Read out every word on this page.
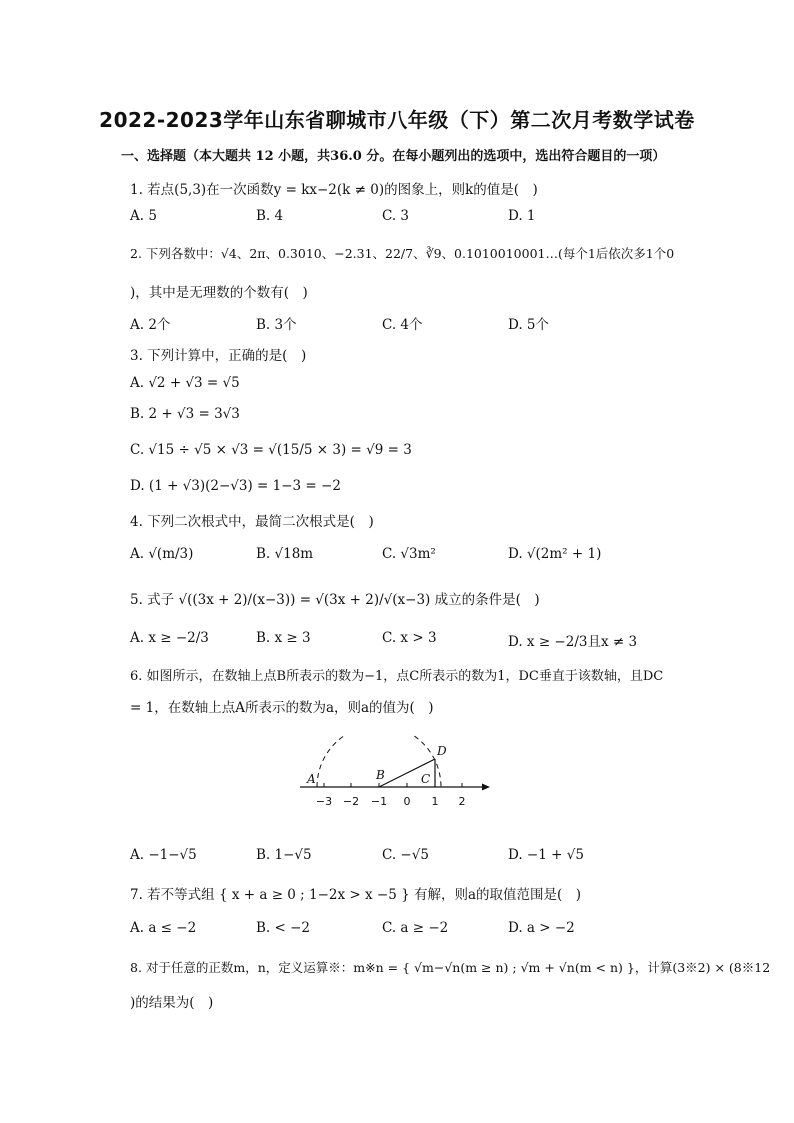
2022-2023学年山东省聊城市八年级（下）第二次月考数学试卷
一、选择题（本大题共 12 小题，共36.0 分。在每小题列出的选项中，选出符合题目的一项）
1. 若点(5,3)在一次函数y = kx−2(k ≠ 0)的图象上，则k的值是(　)
A. 5	B. 4	C. 3	D. 1
2. 下列各数中：√4、2π、0.3010、−2.31、22/7、∛9、0.1010010001…(每个1后依次多1个0
)，其中是无理数的个数有(　)
A. 2个	B. 3个	C. 4个	D. 5个
3. 下列计算中，正确的是(　)
A. √2 + √3 = √5
B. 2 + √3 = 3√3
C. √15 ÷ √5 × √3 = √(15/5 × 3) = √9 = 3
D. (1 + √3)(2−√3) = 1−3 = −2
4. 下列二次根式中，最简二次根式是(　)
A. √(m/3)	B. √18m	C. √3m²	D. √(2m² + 1)
5. 式子 √((3x + 2)/(x−3)) = √(3x + 2)/√(x−3) 成立的条件是(　)
A. x ≥ −2/3	B. x ≥ 3	C. x > 3	D. x ≥ −2/3且x ≠ 3
6. 如图所示，在数轴上点B所表示的数为−1，点C所表示的数为1，DC垂直于该数轴，且DC
= 1，在数轴上点A所表示的数为a，则a的值为(　)
A	B	C
D
−3 −2 −1 0 1 2
A. −1−√5	B. 1−√5	C. −√5	D. −1 + √5
7. 若不等式组 { x + a ≥ 0 ; 1−2x > x −5 } 有解，则a的取值范围是(　)
A. a ≤ −2	B. < −2	C. a ≥ −2	D. a > −2
8. 对于任意的正数m，n，定义运算※：m※n = { √m−√n(m ≥ n) ; √m + √n(m < n) }，计算(3※2) × (8※12
)的结果为(　)
